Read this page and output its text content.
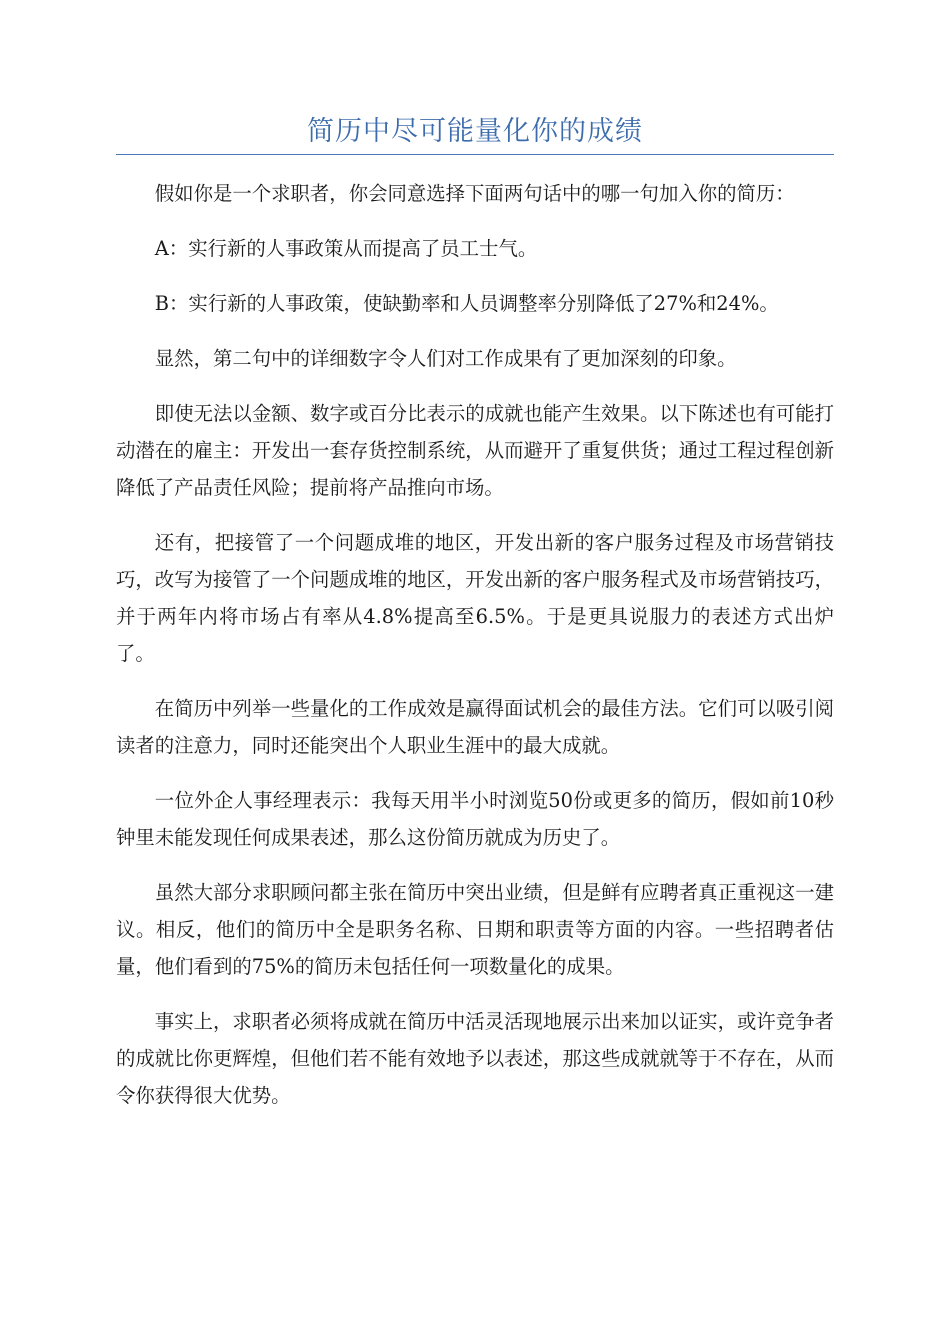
简历中尽可能量化你的成绩

假如你是一个求职者，你会同意选择下面两句话中的哪一句加入你的简历：

A：实行新的人事政策从而提高了员工士气。

B：实行新的人事政策，使缺勤率和人员调整率分别降低了27%和24%。

显然，第二句中的详细数字令人们对工作成果有了更加深刻的印象。

即使无法以金额、数字或百分比表示的成就也能产生效果。以下陈述也有可能打动潜在的雇主：开发出一套存货控制系统，从而避开了重复供货；通过工程过程创新降低了产品责任风险；提前将产品推向市场。

还有，把接管了一个问题成堆的地区，开发出新的客户服务过程及市场营销技巧，改写为接管了一个问题成堆的地区，开发出新的客户服务程式及市场营销技巧，并于两年内将市场占有率从4.8%提高至6.5%。于是更具说服力的表述方式出炉了。

在简历中列举一些量化的工作成效是赢得面试机会的最佳方法。它们可以吸引阅读者的注意力，同时还能突出个人职业生涯中的最大成就。

一位外企人事经理表示：我每天用半小时浏览50份或更多的简历，假如前10秒钟里未能发现任何成果表述，那么这份简历就成为历史了。

虽然大部分求职顾问都主张在简历中突出业绩，但是鲜有应聘者真正重视这一建议。相反，他们的简历中全是职务名称、日期和职责等方面的内容。一些招聘者估量，他们看到的75%的简历未包括任何一项数量化的成果。

事实上，求职者必须将成就在简历中活灵活现地展示出来加以证实，或许竞争者的成就比你更辉煌，但他们若不能有效地予以表述，那这些成就就等于不存在，从而令你获得很大优势。
